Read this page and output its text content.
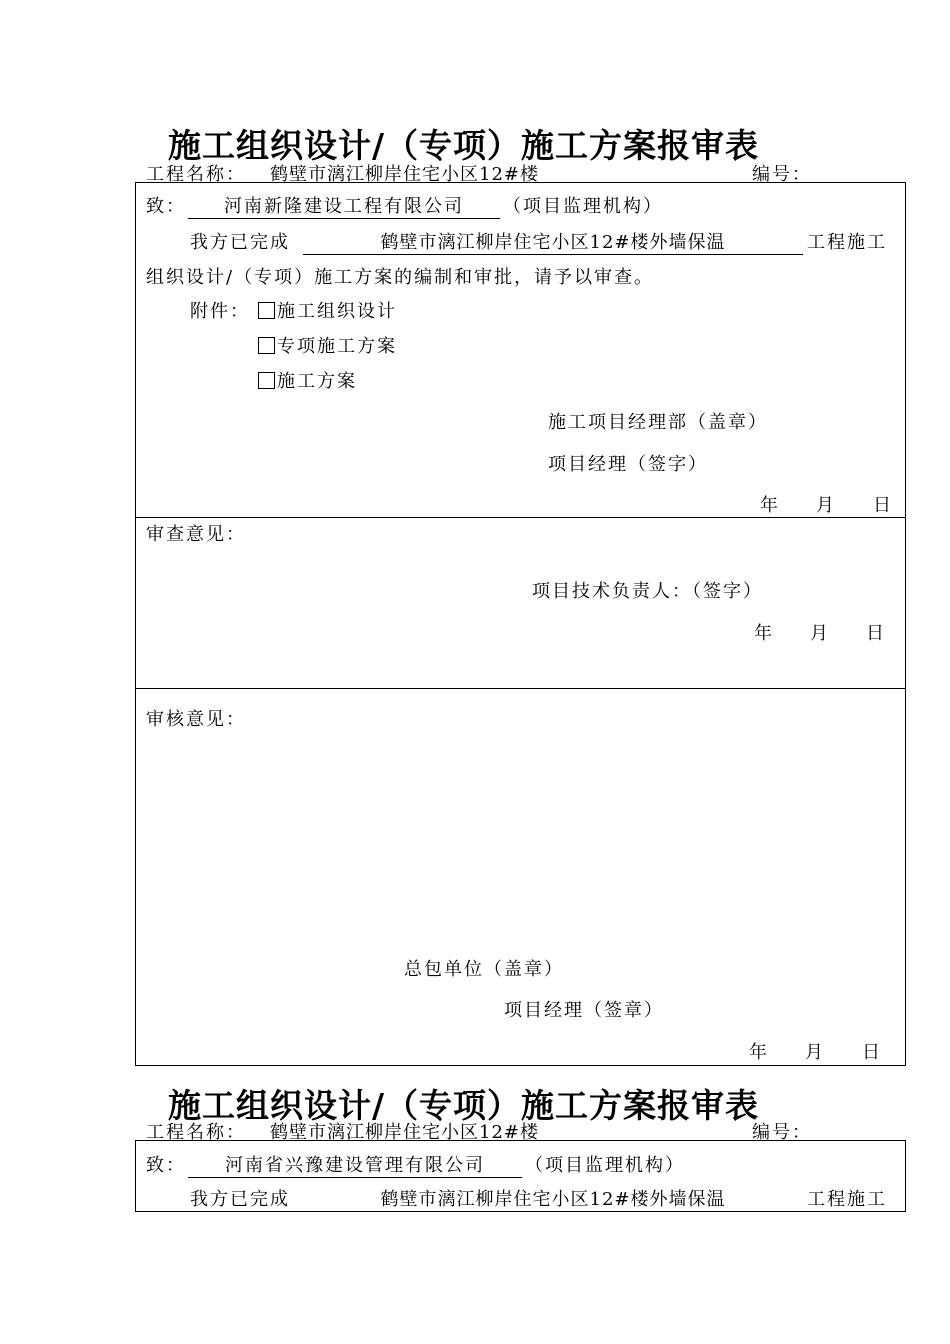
施工组织设计/（专项）施工方案报审表
工程名称： 鹤壁市漓江柳岸住宅小区12#楼	编号：
致：	河南新隆建设工程有限公司	（项目监理机构）
我方已完成	鹤壁市漓江柳岸住宅小区12#楼外墙保温	工程施工
组织设计/（专项）施工方案的编制和审批，请予以审查。
附件：	施工组织设计
专项施工方案
施工方案
施工项目经理部（盖章）
项目经理（签字）
年 月 日
审查意见：
项目技术负责人：（签字）
年 月 日
审核意见：
总包单位（盖章）
项目经理（签章）
年 月 日
施工组织设计/（专项）施工方案报审表
工程名称： 鹤壁市漓江柳岸住宅小区12#楼	编号：
致：	河南省兴豫建设管理有限公司	（项目监理机构）
我方已完成	鹤壁市漓江柳岸住宅小区12#楼外墙保温	工程施工
